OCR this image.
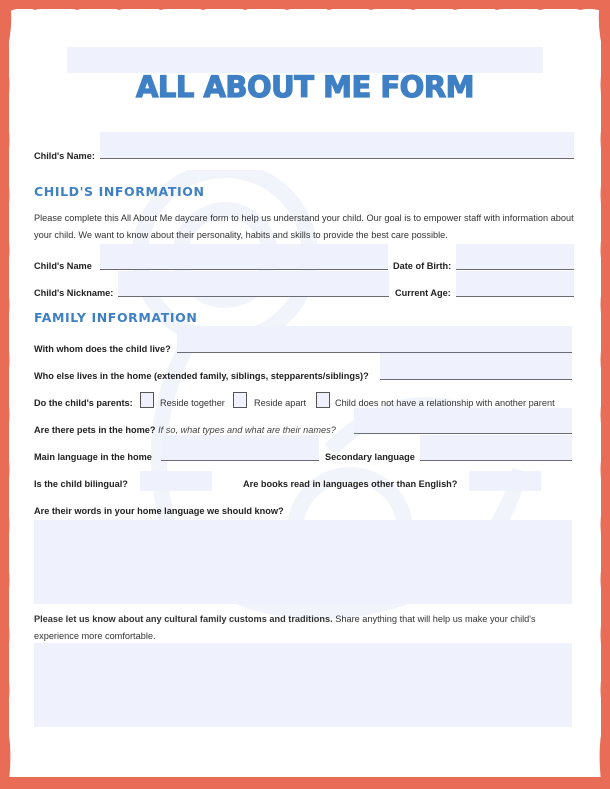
ALL ABOUT ME FORM
Child's Name:
CHILD'S INFORMATION
Please complete this All About Me daycare form to help us understand your child. Our goal is to empower staff with information about your child. We want to know about their personality, habits and skills to provide the best care possible.
Child's Name	Date of Birth:
Child's Nickname:	Current Age:
FAMILY INFORMATION
With whom does the child live?
Who else lives in the home (extended family, siblings, stepparents/siblings)?
Do the child's parents:	Reside together	Reside apart	Child does not have a relationship with another parent
Are there pets in the home? If so, what types and what are their names?
Main language in the home	Secondary language
Is the child bilingual?	Are books read in languages other than English?
Are their words in your home language we should know?
Please let us know about any cultural family customs and traditions. Share anything that will help us make your child's experience more comfortable.
